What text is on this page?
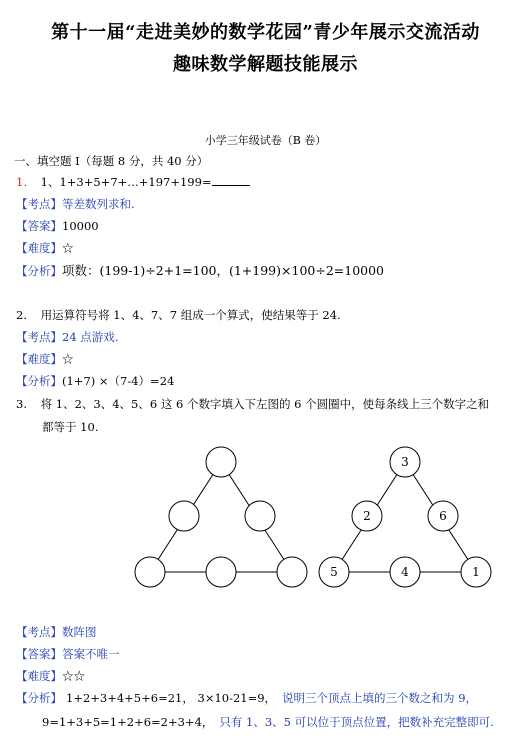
第十一届“走进美妙的数学花园”青少年展示交流活动
趣味数学解题技能展示
小学三年级试卷（B 卷）
一、填空题 I（每题 8 分，共 40 分）
1. 1、1+3+5+7+…+197+199=
【考点】等差数列求和.
【答案】10000
【难度】☆
【分析】项数：(199-1)÷2+1=100，(1+199)×100÷2=10000
2. 用运算符号将 1、4、7、7 组成一个算式，使结果等于 24.
【考点】24 点游戏.
【难度】☆
【分析】(1+7) ×（7-4）=24
3. 将 1、2、3、4、5、6 这 6 个数字填入下左图的 6 个圆圈中，使每条线上三个数字之和
都等于 10.
3
2	6
5	4	1
【考点】数阵图
【答案】答案不唯一
【难度】☆☆
【分析】 1+2+3+4+5+6=21， 3×10-21=9， 说明三个顶点上填的三个数之和为 9，
9=1+3+5=1+2+6=2+3+4， 只有 1、3、5 可以位于顶点位置，把数补充完整即可.
